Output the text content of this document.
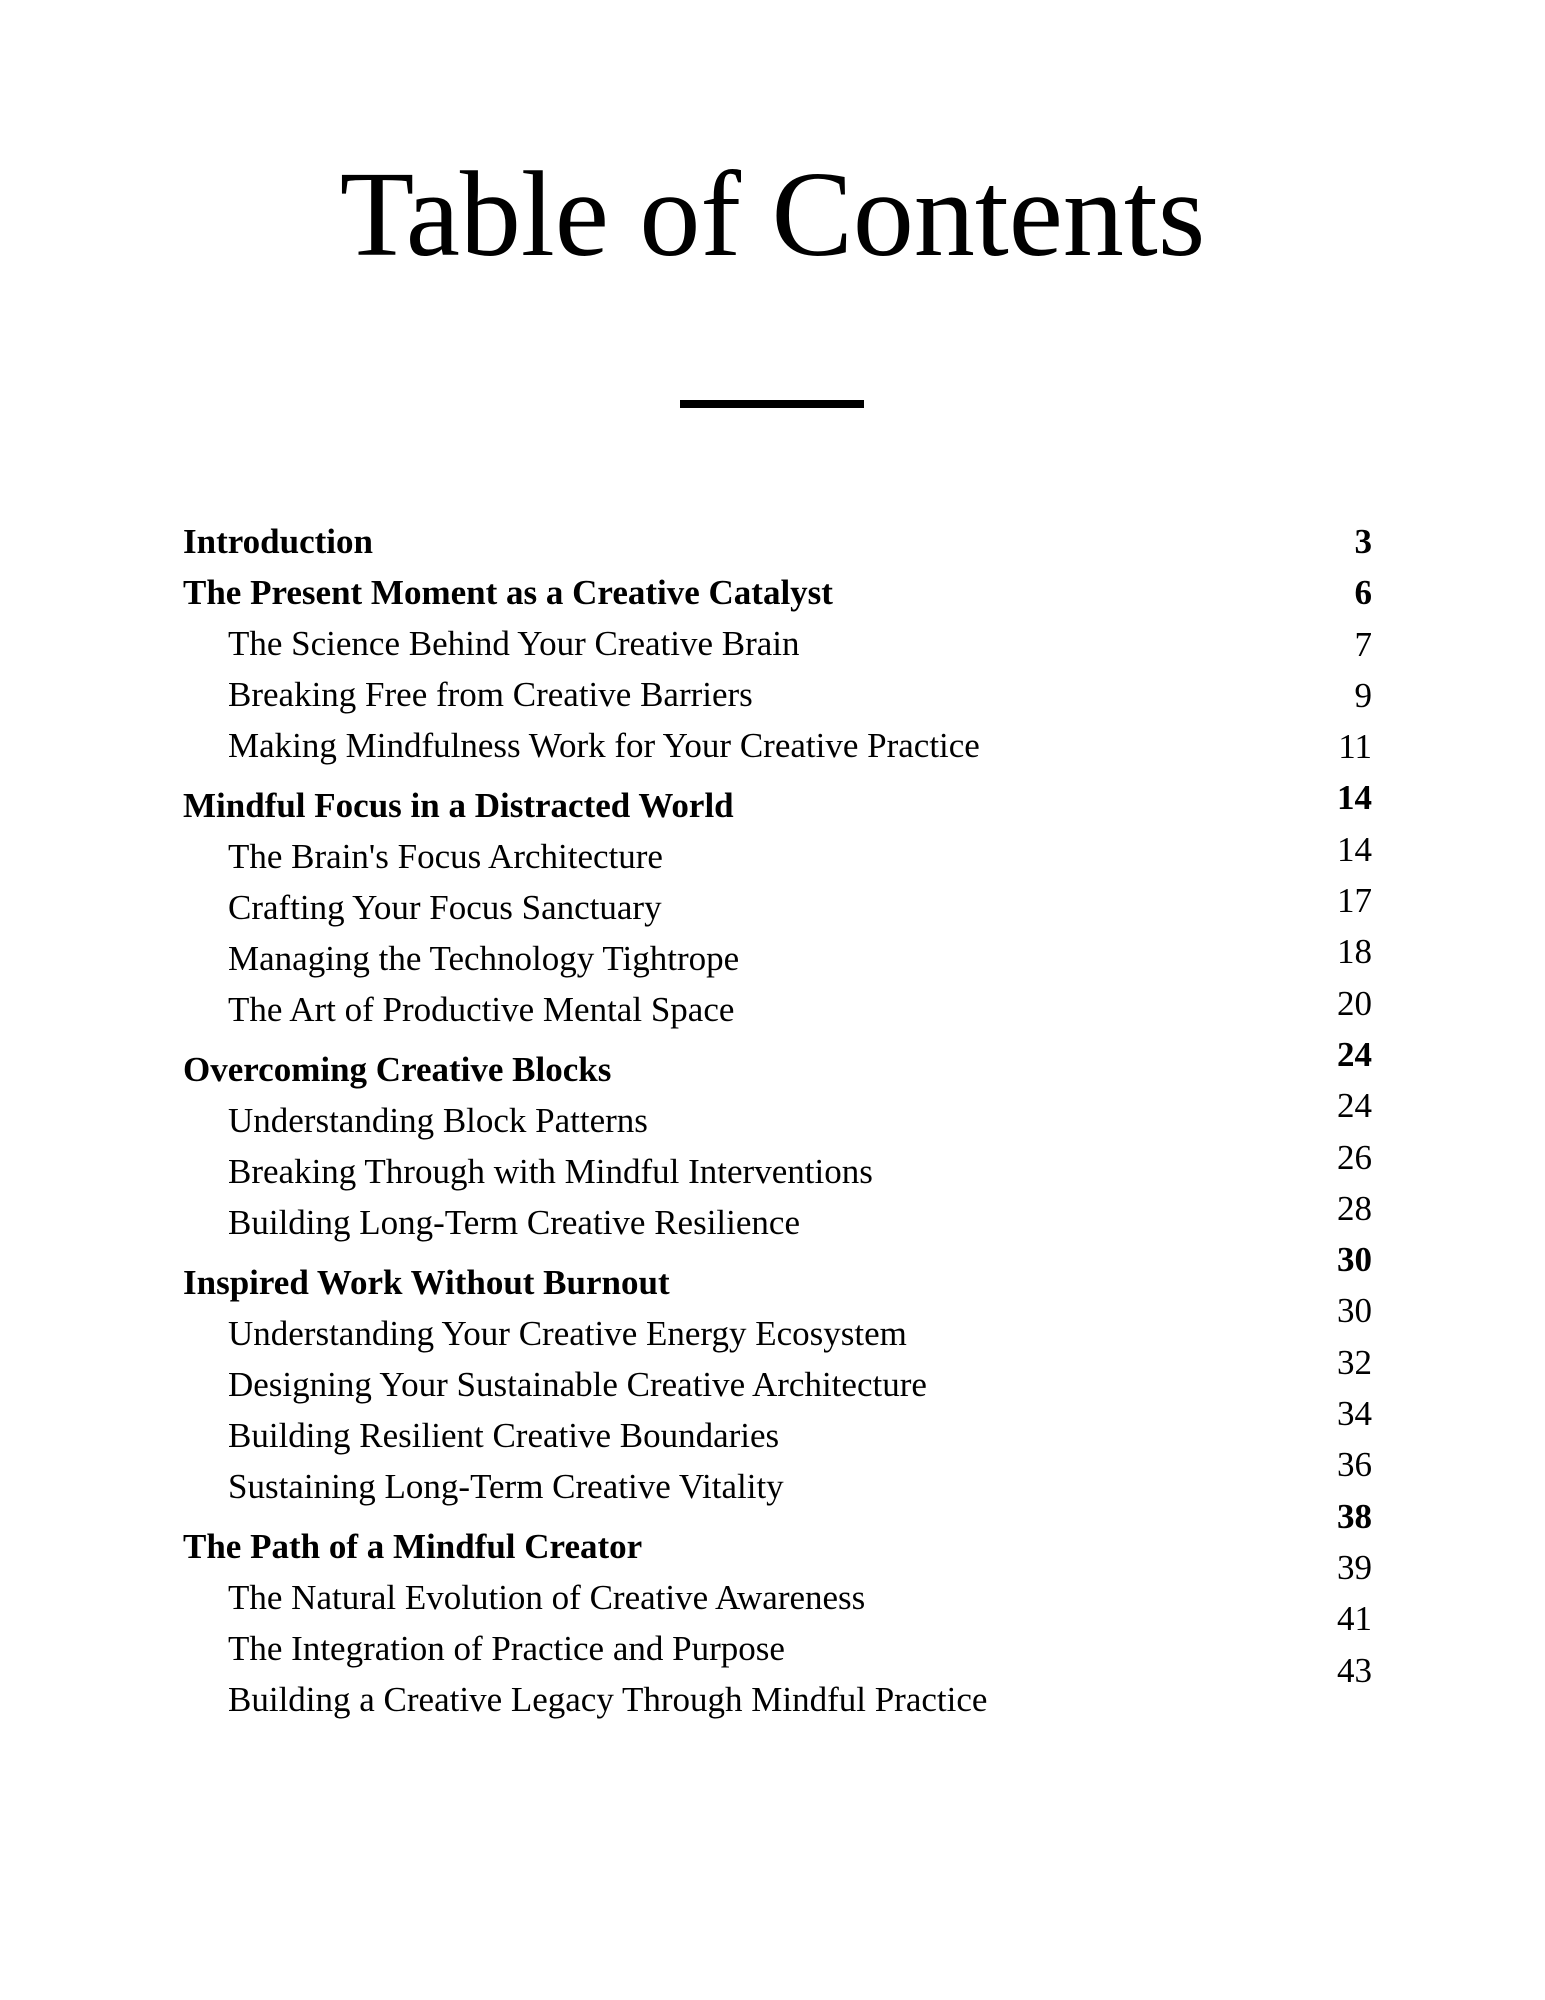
Table of Contents
Introduction
The Present Moment as a Creative Catalyst
The Science Behind Your Creative Brain
Breaking Free from Creative Barriers
Making Mindfulness Work for Your Creative Practice
Mindful Focus in a Distracted World
The Brain's Focus Architecture
Crafting Your Focus Sanctuary
Managing the Technology Tightrope
The Art of Productive Mental Space
Overcoming Creative Blocks
Understanding Block Patterns
Breaking Through with Mindful Interventions
Building Long-Term Creative Resilience
Inspired Work Without Burnout
Understanding Your Creative Energy Ecosystem
Designing Your Sustainable Creative Architecture
Building Resilient Creative Boundaries
Sustaining Long-Term Creative Vitality
The Path of a Mindful Creator
The Natural Evolution of Creative Awareness
The Integration of Practice and Purpose
Building a Creative Legacy Through Mindful Practice
3
6
7
9
11
14
14
17
18
20
24
24
26
28
30
30
32
34
36
38
39
41
43
